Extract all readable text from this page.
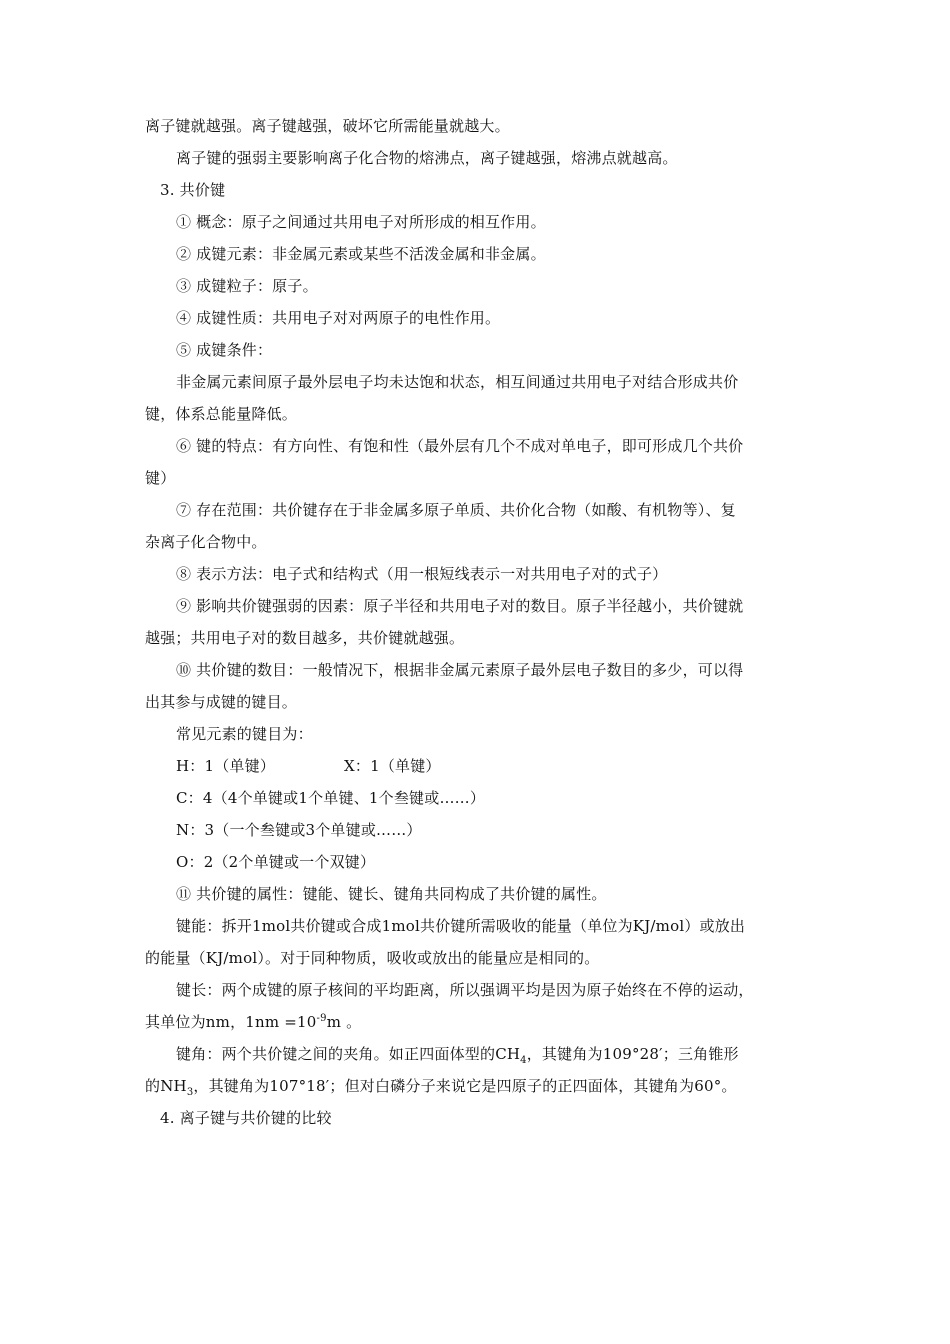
离子键就越强。离子键越强，破坏它所需能量就越大。
离子键的强弱主要影响离子化合物的熔沸点，离子键越强，熔沸点就越高。
3. 共价键
① 概念：原子之间通过共用电子对所形成的相互作用。
② 成键元素：非金属元素或某些不活泼金属和非金属。
③ 成键粒子：原子。
④ 成键性质：共用电子对对两原子的电性作用。
⑤ 成键条件：
非金属元素间原子最外层电子均未达饱和状态，相互间通过共用电子对结合形成共价
键，体系总能量降低。
⑥ 键的特点：有方向性、有饱和性（最外层有几个不成对单电子，即可形成几个共价
键）
⑦ 存在范围：共价键存在于非金属多原子单质、共价化合物（如酸、有机物等）、复
杂离子化合物中。
⑧ 表示方法：电子式和结构式（用一根短线表示一对共用电子对的式子）
⑨ 影响共价键强弱的因素：原子半径和共用电子对的数目。原子半径越小，共价键就
越强；共用电子对的数目越多，共价键就越强。
⑩ 共价键的数目：一般情况下，根据非金属元素原子最外层电子数目的多少，可以得
出其参与成键的键目。
常见元素的键目为：
H：1（单键）	X：1（单键）
C：4（4个单键或1个单键、1个叁键或……）
N：3（一个叁键或3个单键或……）
O：2（2个单键或一个双键）
⑪ 共价键的属性：键能、键长、键角共同构成了共价键的属性。
键能：拆开1mol共价键或合成1mol共价键所需吸收的能量（单位为KJ/mol）或放出
的能量（KJ/mol）。对于同种物质，吸收或放出的能量应是相同的。
键长：两个成键的原子核间的平均距离，所以强调平均是因为原子始终在不停的运动，
其单位为nm，$1nm =10^{-9}m$ 。
键角：两个共价键之间的夹角。如正四面体型的$CH_4$，其键角为109°28′；三角锥形
的$NH_3$，其键角为107°18′；但对白磷分子来说它是四原子的正四面体，其键角为60°。
4. 离子键与共价键的比较
